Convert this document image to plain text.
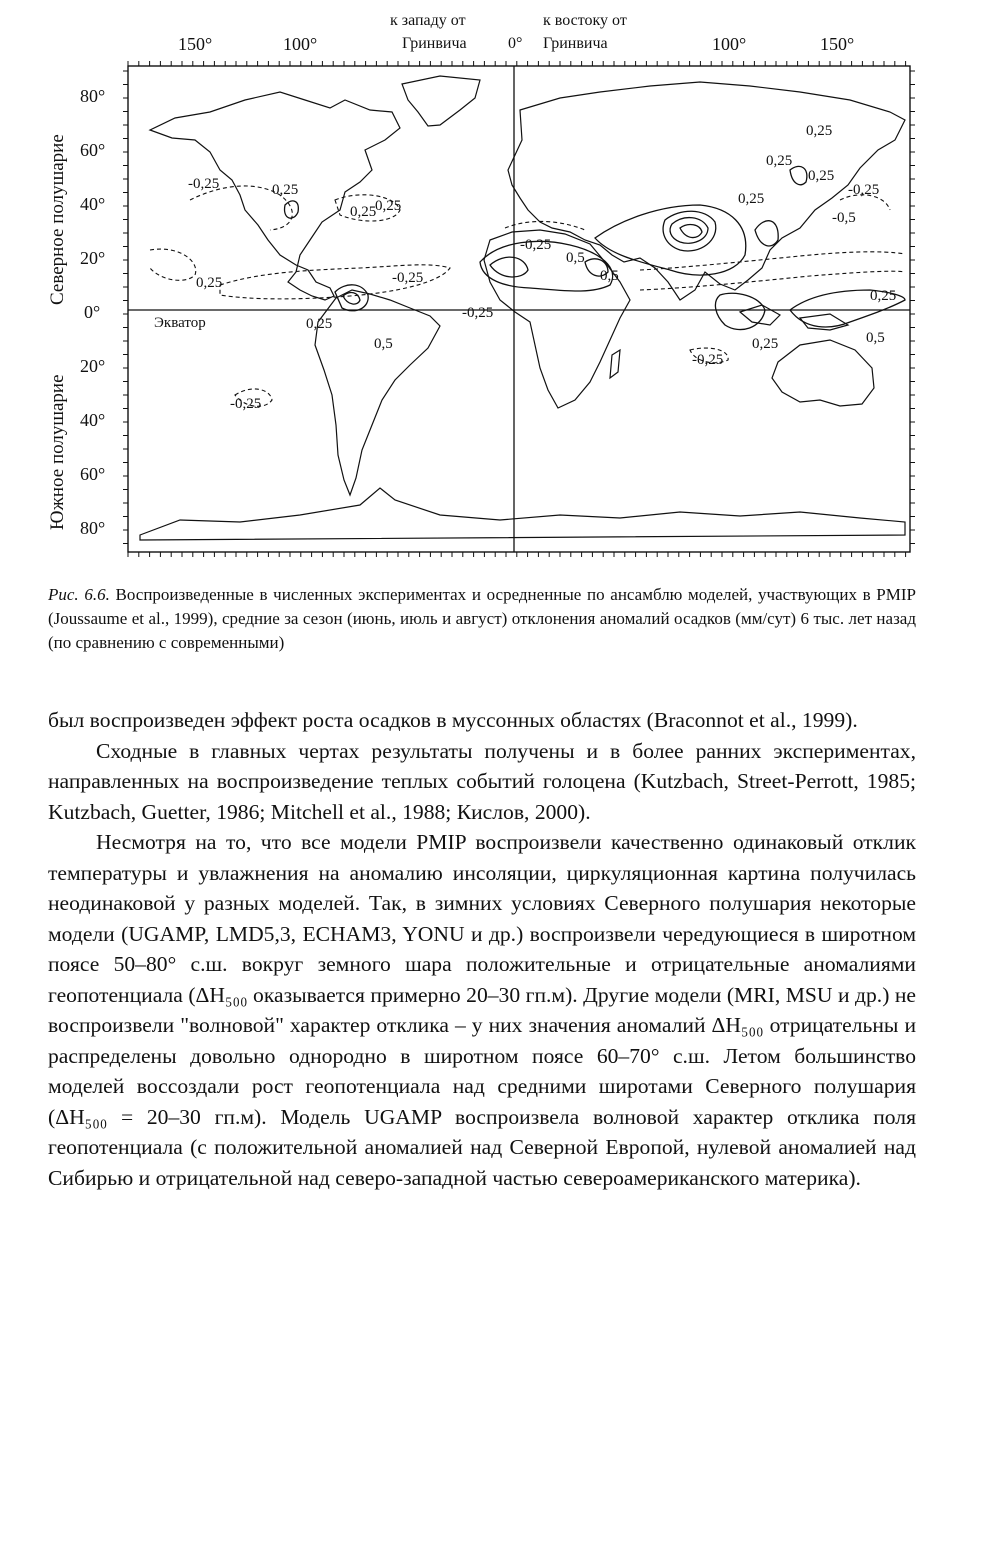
к западу от
Гринвича	0°
к востоку от
Гринвича
150°	100°	100°	150°
Северное полушарие
Южное полушарие
80°
60°
40°
20°
0°
20°
40°
60°
80°
Экватор
0,25
0,25
-0,25	0,25
0,25
-0,25
0,25
-0,25
0,5
-0,25
0,25
0,5
0,25
-0,5
0,25
-0,25
0,25
-0,25
0,25
0,5
-0,25
0,25
0,5
Рис. 6.6. Воспроизведенные в численных экспериментах и осредненные по ансамблю моделей, участвующих в PMIP (Joussaume et al., 1999), средние за сезон (июнь, июль и август) отклонения аномалий осадков (мм/сут) 6 тыс. лет назад (по сравнению с современными)

был воспроизведен эффект роста осадков в муссонных областях (Braconnot et al., 1999).

Сходные в главных чертах результаты получены и в более ранних экспериментах, направленных на воспроизведение теплых событий голоцена (Kutzbach, Street-Perrott, 1985; Kutzbach, Guetter, 1986; Mitchell et al., 1988; Кислов, 2000).

Несмотря на то, что все модели PMIP воспроизвели качественно одинаковый отклик температуры и увлажнения на аномалию инсоляции, циркуляционная картина получилась неодинаковой у разных моделей. Так, в зимних условиях Северного полушария некоторые модели (UGAMP, LMD5,3, ECHAM3, YONU и др.) воспроизвели чередующиеся в широтном поясе 50–80° с.ш. вокруг земного шара положительные и отрицательные аномалиями геопотенциала (ΔH₅₀₀ оказывается примерно 20–30 гп.м). Другие модели (MRI, MSU и др.) не воспроизвели "волновой" характер отклика – у них значения аномалий ΔH₅₀₀ отрицательны и распределены довольно однородно в широтном поясе 60–70° с.ш. Летом большинство моделей воссоздали рост геопотенциала над средними широтами Северного полушария (ΔH₅₀₀ = 20–30 гп.м). Модель UGAMP воспроизвела волновой характер отклика поля геопотенциала (с положительной аномалией над Северной Европой, нулевой аномалией над Сибирью и отрицательной над северо-западной частью североамериканского материка).
